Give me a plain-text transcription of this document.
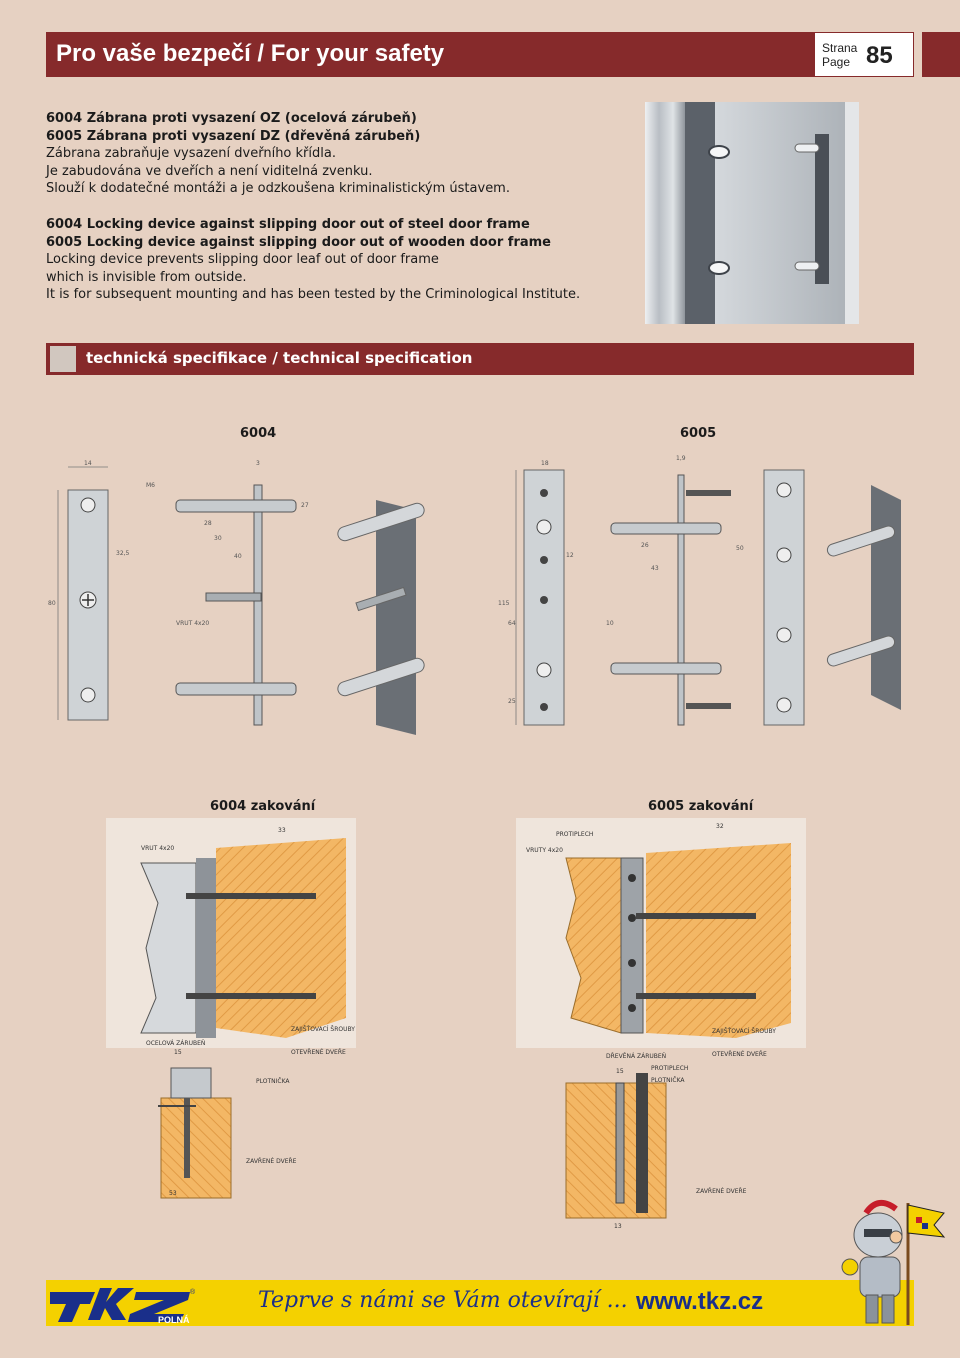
Pro vaše bezpečí / For your safety	Strana
Page 85
6004 Zábrana proti vysazení OZ (ocelová zárubeň)
6005 Zábrana proti vysazení DZ (dřevěná zárubeň)
Zábrana zabraňuje vysazení dveřního křídla.
Je zabudována ve dveřích a není viditelná zvenku.
Slouží k dodatečné montáži a je odzkoušena kriminalistickým ústavem.
6004 Locking device against slipping door out of steel door frame
6005 Locking device against slipping door out of wooden door frame
Locking device prevents slipping door leaf out of door frame
which is invisible from outside.
It is for subsequent mounting and has been tested by the Criminological Institute.
technická specifikace / technical specification
6004	6005
14
80
32,5
3
28
30
40
27
M6
VRUT 4x20
18
115
12
25
64
1,9
26
43
10
50
6004 zakování	6005 zakování
VRUT 4x20
33
OCELOVÁ ZÁRUBEŇ
ZAJIŠŤOVACÍ ŠROUBY
OTEVŘENÉ DVEŘE
15
PLOTNIČKA
ZAVŘENÉ DVEŘE
53
PROTIPLECH
VRUTY 4x20
32
DŘEVĚNÁ ZÁRUBEŇ
ZAJIŠŤOVACÍ ŠROUBY
OTEVŘENÉ DVEŘE
15	PROTIPLECH
PLOTNIČKA
ZAVŘENÉ DVEŘE
13
POLNÁ
®	Teprve s námi se Vám otevírají ... www.tkz.cz
